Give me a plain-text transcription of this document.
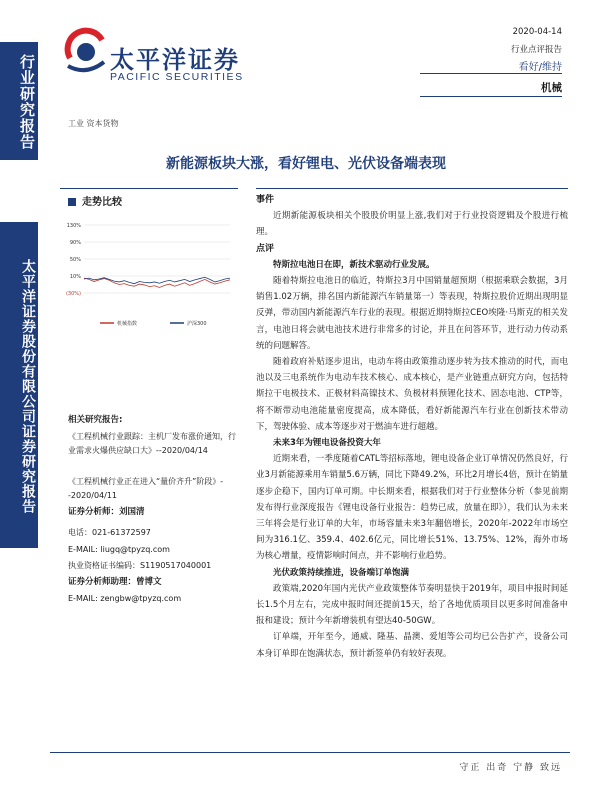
行业研究报告
太平洋证券股份有限公司证券研究报告
太平洋证券
PACIFIC SECURITIES
2020-04-14
行业点评报告
看好/维持
机械
工业 资本货物
新能源板块大涨，看好锂电、光伏设备端表现
走势比较
130%
90%
50%
10%
(30%)
机械指数	沪深300
相关研究报告:
《工程机械行业跟踪：主机厂发布涨价通知，行业需求火爆供应缺口大》--2020/04/14
《工程机械行业正在进入“量价齐升”阶段》--2020/04/11
证券分析师：刘国清
电话：021-61372597
E-MAIL: liugq@tpyzq.com
执业资格证书编码：S1190517040001
证券分析师助理：曾博文
E-MAIL: zengbw@tpyzq.com
事件

近期新能源板块相关个股股价明显上涨,我们对于行业投资逻辑及个股进行梳理。

点评

特斯拉电池日在即，新技术驱动行业发展。

随着特斯拉电池日的临近，特斯拉3月中国销量超预期（根据乘联会数据，3月销售1.02万辆，排名国内新能源汽车销量第一）等表现，特斯拉股价近期出现明显反弹，带动国内新能源汽车行业的表现。根据近期特斯拉CEO埃隆·马斯克的相关发言，电池日将会就电池技术进行非常多的讨论，并且在问答环节，进行动力传动系统的问题解答。

随着政府补贴逐步退出，电动车将由政策推动逐步转为技术推动的时代，而电池以及三电系统作为电动车技术核心、成本核心，是产业链重点研究方向，包括特斯拉干电极技术、正极材料高镍技术、负极材料预锂化技术、固态电池、CTP等，将不断带动电池能量密度提高，成本降低，看好新能源汽车行业在创新技术带动下，驾驶体验、成本等逐步对于燃油车进行超越。

未来3年为锂电设备投资大年

近期来看，一季度随着CATL等招标落地，锂电设备企业订单情况仍然良好，行业3月新能源乘用车销量5.6万辆，同比下降49.2%，环比2月增长4倍，预计在销量逐步企稳下，国内订单可期。中长期来看，根据我们对于行业整体分析（参见前期发布得行业深度报告《锂电设备行业报告：趋势已成，放量在即》），我们认为未来三年将会是行业订单的大年，市场容量未来3年翻倍增长，2020年-2022年市场空间为316.1亿、359.4、402.6亿元，同比增长51%、13.75%、12%，海外市场为核心增量，疫情影响时间点，并不影响行业趋势。

光伏政策持续推进，设备端订单饱满

政策端,2020年国内光伏产业政策整体节奏明显快于2019年，项目申报时间延长1.5个月左右，完成申报时间还提前15天，给了各地优质项目以更多时间准备申报和建设；预计今年新增装机有望达40-50GW。

订单端，开年至今，通威、隆基、晶澳、爱旭等公司均已公告扩产，设备公司本身订单即在饱满状态，预计新签单仍有较好表现。

守正 出奇 宁静 致远
